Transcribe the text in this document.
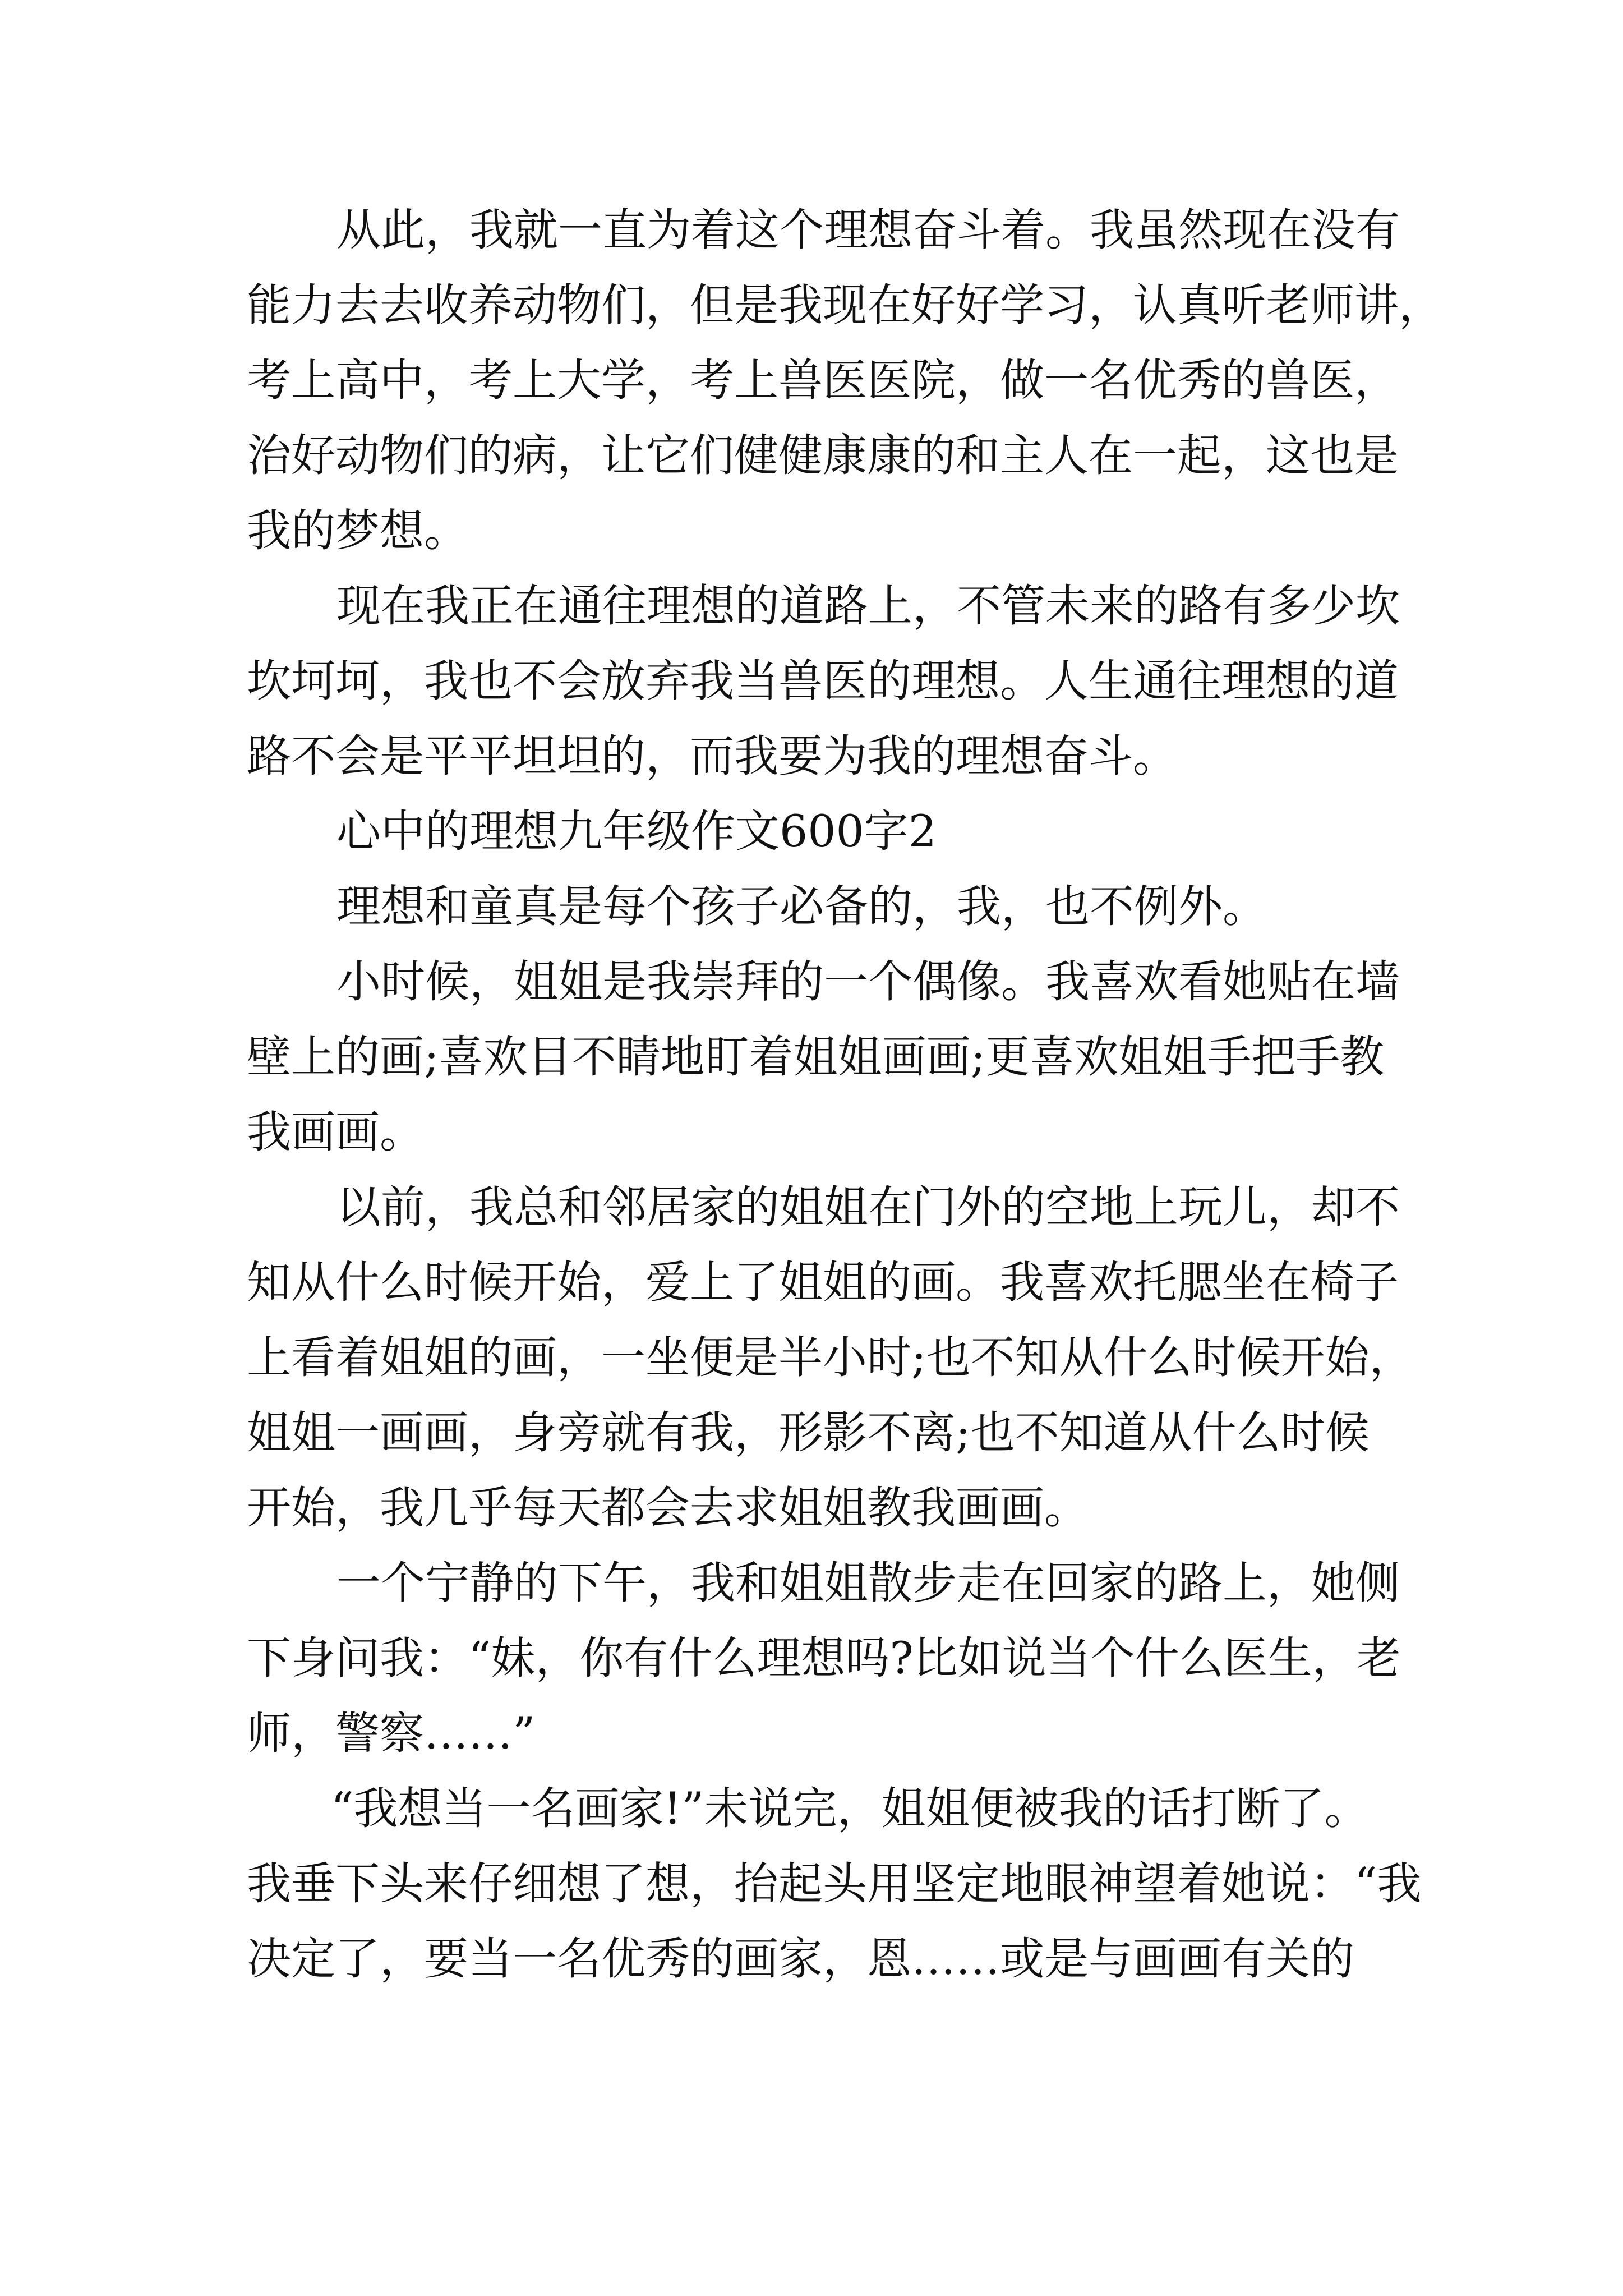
从此，我就一直为着这个理想奋斗着。我虽然现在没有

能力去去收养动物们，但是我现在好好学习，认真听老师讲，

考上高中，考上大学，考上兽医医院，做一名优秀的兽医，

治好动物们的病，让它们健健康康的和主人在一起，这也是

我的梦想。

现在我正在通往理想的道路上，不管未来的路有多少坎

坎坷坷，我也不会放弃我当兽医的理想。人生通往理想的道

路不会是平平坦坦的，而我要为我的理想奋斗。

心中的理想九年级作文600字2

理想和童真是每个孩子必备的，我，也不例外。

小时候，姐姐是我崇拜的一个偶像。我喜欢看她贴在墙

壁上的画;喜欢目不睛地盯着姐姐画画;更喜欢姐姐手把手教

我画画。

以前，我总和邻居家的姐姐在门外的空地上玩儿，却不

知从什么时候开始，爱上了姐姐的画。我喜欢托腮坐在椅子

上看着姐姐的画，一坐便是半小时;也不知从什么时候开始，

姐姐一画画，身旁就有我，形影不离;也不知道从什么时候

开始，我几乎每天都会去求姐姐教我画画。

一个宁静的下午，我和姐姐散步走在回家的路上，她侧

下身问我：“妹，你有什么理想吗?比如说当个什么医生，老

师，警察……”

“我想当一名画家!”未说完，姐姐便被我的话打断了。

我垂下头来仔细想了想，抬起头用坚定地眼神望着她说：“我

决定了，要当一名优秀的画家，恩……或是与画画有关的
